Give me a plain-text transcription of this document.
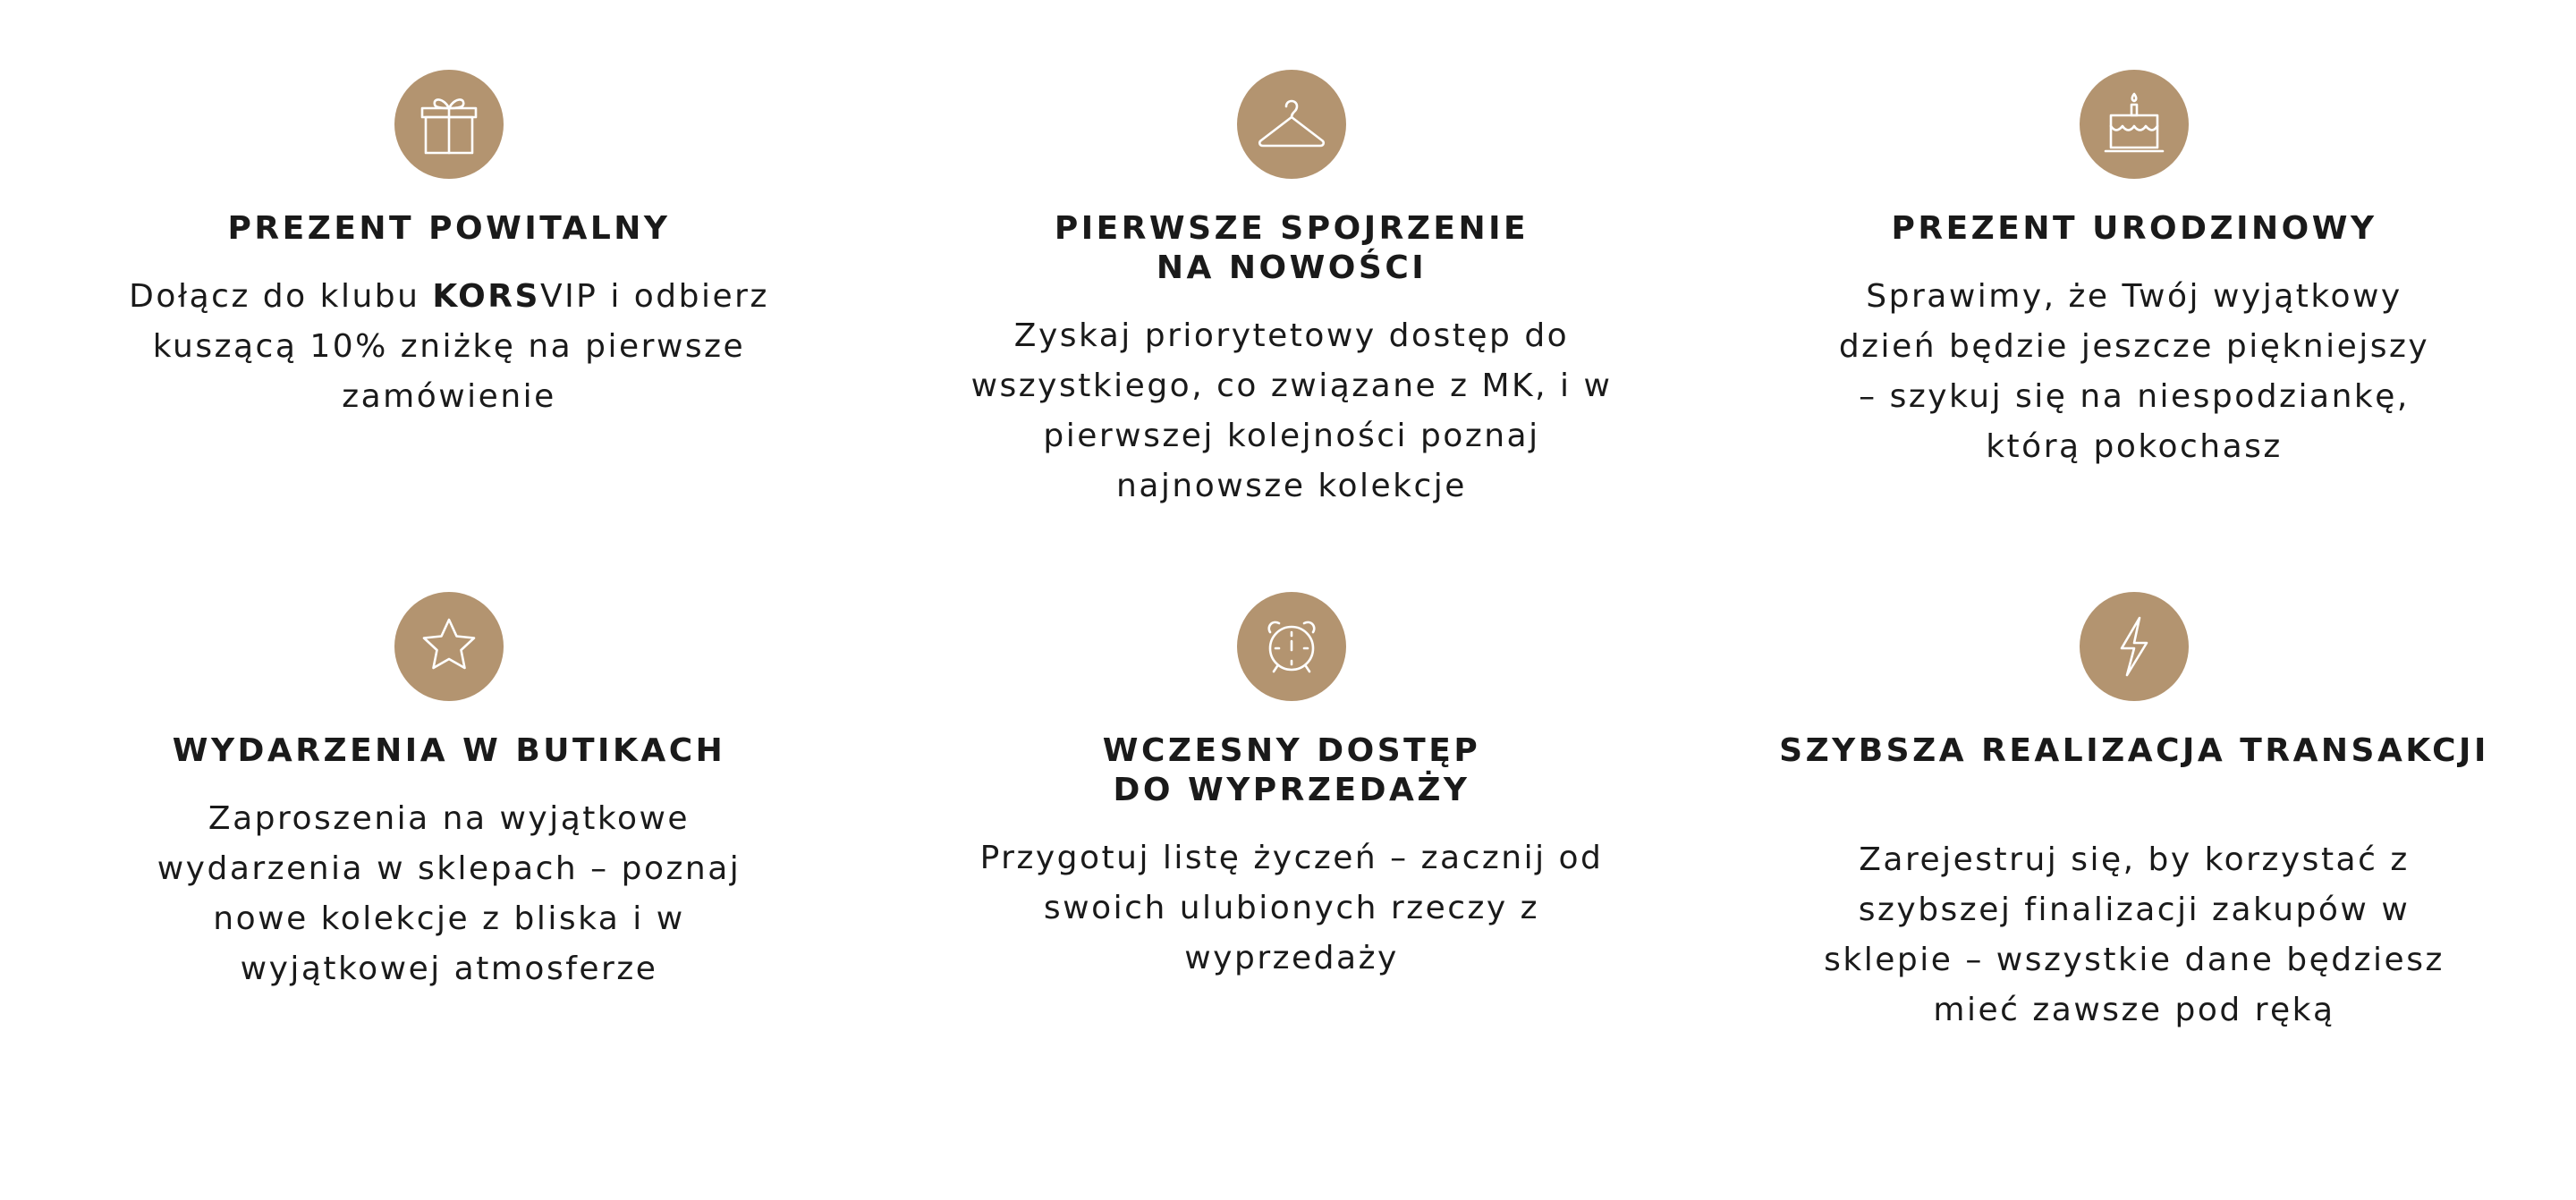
PREZENT POWITALNY

Dołącz do klubu KORSVIP i odbierz
kuszącą 10% zniżkę na pierwsze
zamówienie

PIERWSZE SPOJRZENIE
NA NOWOŚCI

Zyskaj priorytetowy dostęp do
wszystkiego, co związane z MK, i w
pierwszej kolejności poznaj
najnowsze kolekcje

PREZENT URODZINOWY

Sprawimy, że Twój wyjątkowy
dzień będzie jeszcze piękniejszy
– szykuj się na niespodziankę,
którą pokochasz

WYDARZENIA W BUTIKACH

Zaproszenia na wyjątkowe
wydarzenia w sklepach – poznaj
nowe kolekcje z bliska i w
wyjątkowej atmosferze

WCZESNY DOSTĘP
DO WYPRZEDAŻY

Przygotuj listę życzeń – zacznij od
swoich ulubionych rzeczy z
wyprzedaży

SZYBSZA REALIZACJA TRANSAKCJI

Zarejestruj się, by korzystać z
szybszej finalizacji zakupów w
sklepie – wszystkie dane będziesz
mieć zawsze pod ręką
